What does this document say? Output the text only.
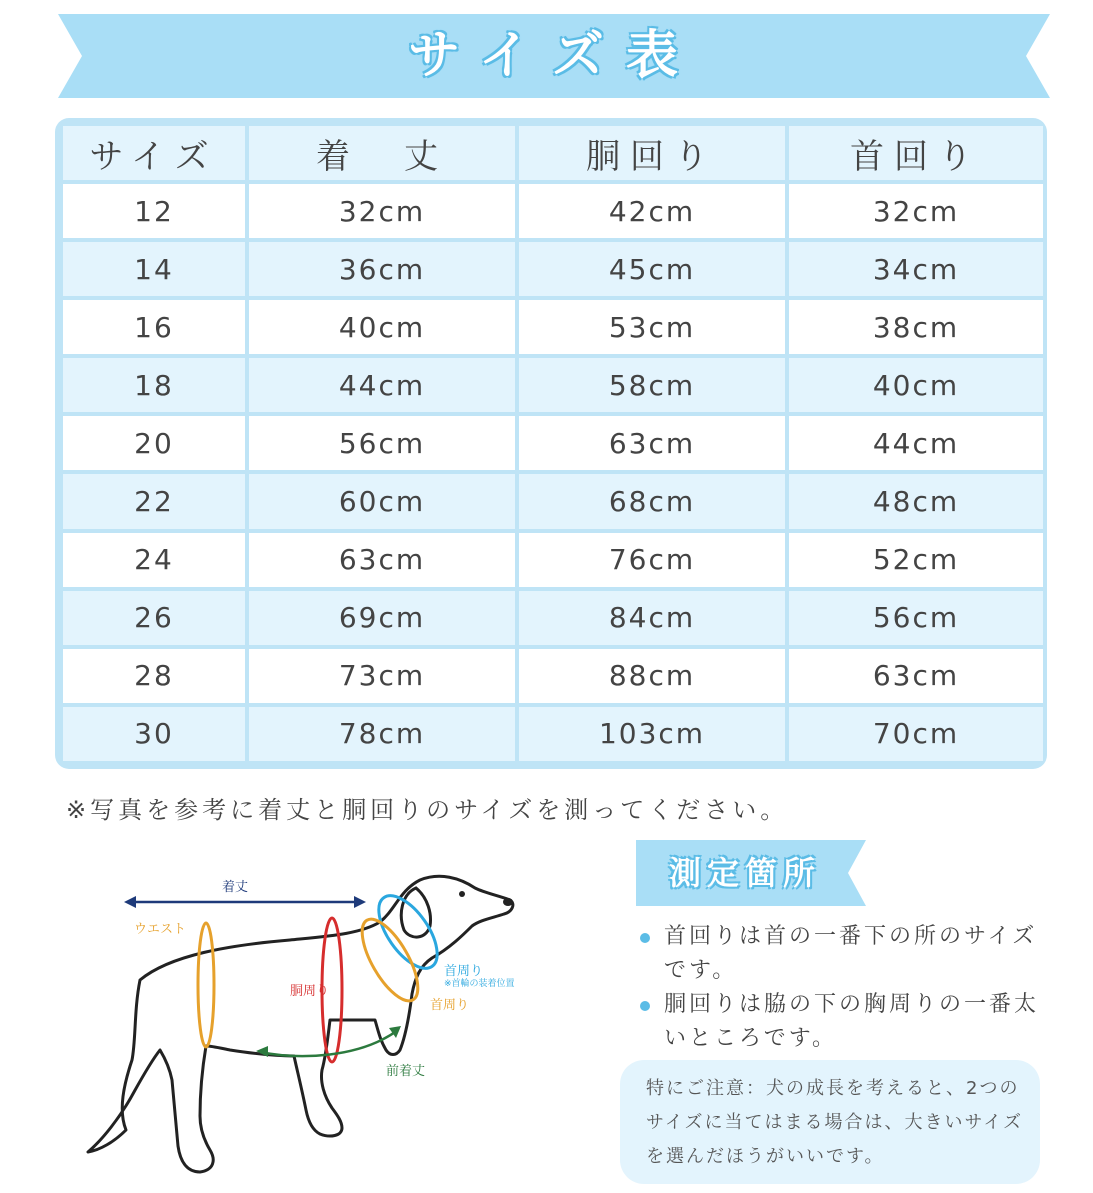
サイズ表
サイズ	着　丈	胴回り	首回り
12	32cm	42cm	32cm
14	36cm	45cm	34cm
16	40cm	53cm	38cm
18	44cm	58cm	40cm
20	56cm	63cm	44cm
22	60cm	68cm	48cm
24	63cm	76cm	52cm
26	69cm	84cm	56cm
28	73cm	88cm	63cm
30	78cm	103cm	70cm
※写真を参考に着丈と胴回りのサイズを測ってください。
着丈
ウエスト
胴周り
首周り
※首輪の装着位置
首周り
前着丈
測定箇所
首回りは首の一番下の所のサイズです。
胴回りは脇の下の胸周りの一番太いところです。
特にご注意：犬の成長を考えると、2つのサイズに当てはまる場合は、大きいサイズを選んだほうがいいです。
